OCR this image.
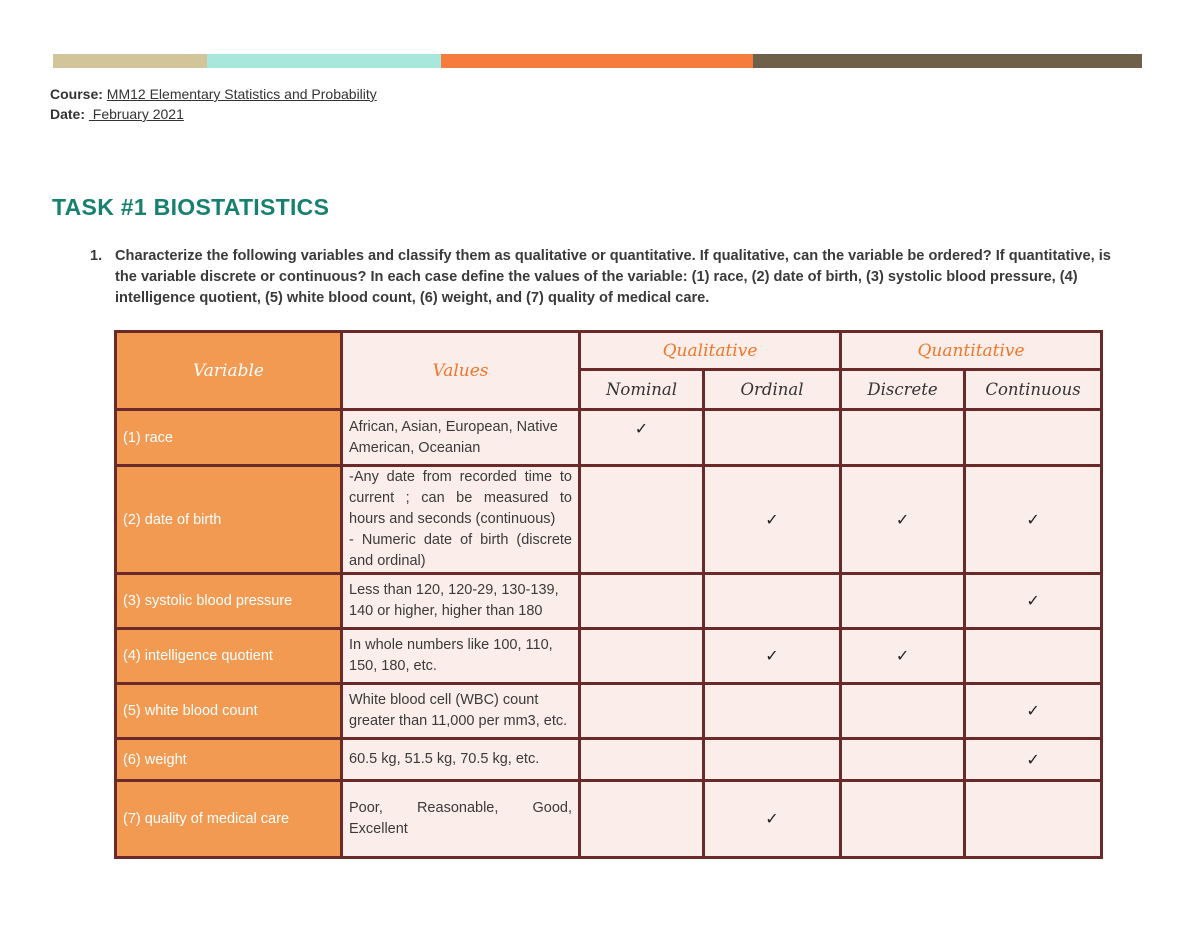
Course: MM12 Elementary Statistics and Probability
Date:  February 2021
TASK #1 BIOSTATISTICS
1. Characterize the following variables and classify them as qualitative or quantitative. If qualitative, can the variable be ordered? If quantitative, is the variable discrete or continuous? In each case define the values of the variable: (1) race, (2) date of birth, (3) systolic blood pressure, (4) intelligence quotient, (5) white blood count, (6) weight, and (7) quality of medical care.
Variable	Values	Qualitative		Quantitative	
		Nominal	Ordinal	Discrete	Continuous
(1) race	African, Asian, European, Native American, Oceanian	✓			
(2) date of birth	-Any date from recorded time to current ; can be measured to hours and seconds (continuous)
- Numeric date of birth (discrete and ordinal)		✓	✓	✓
(3) systolic blood pressure	Less than 120, 120-29, 130-139, 140 or higher, higher than 180				✓
(4) intelligence quotient	In whole numbers like 100, 110, 150, 180, etc.		✓	✓	
(5) white blood count	White blood cell (WBC) count greater than 11,000 per mm3, etc.				✓
(6) weight	60.5 kg, 51.5 kg, 70.5 kg, etc.				✓
(7) quality of medical care	Poor, Reasonable, Good, Excellent		✓		
